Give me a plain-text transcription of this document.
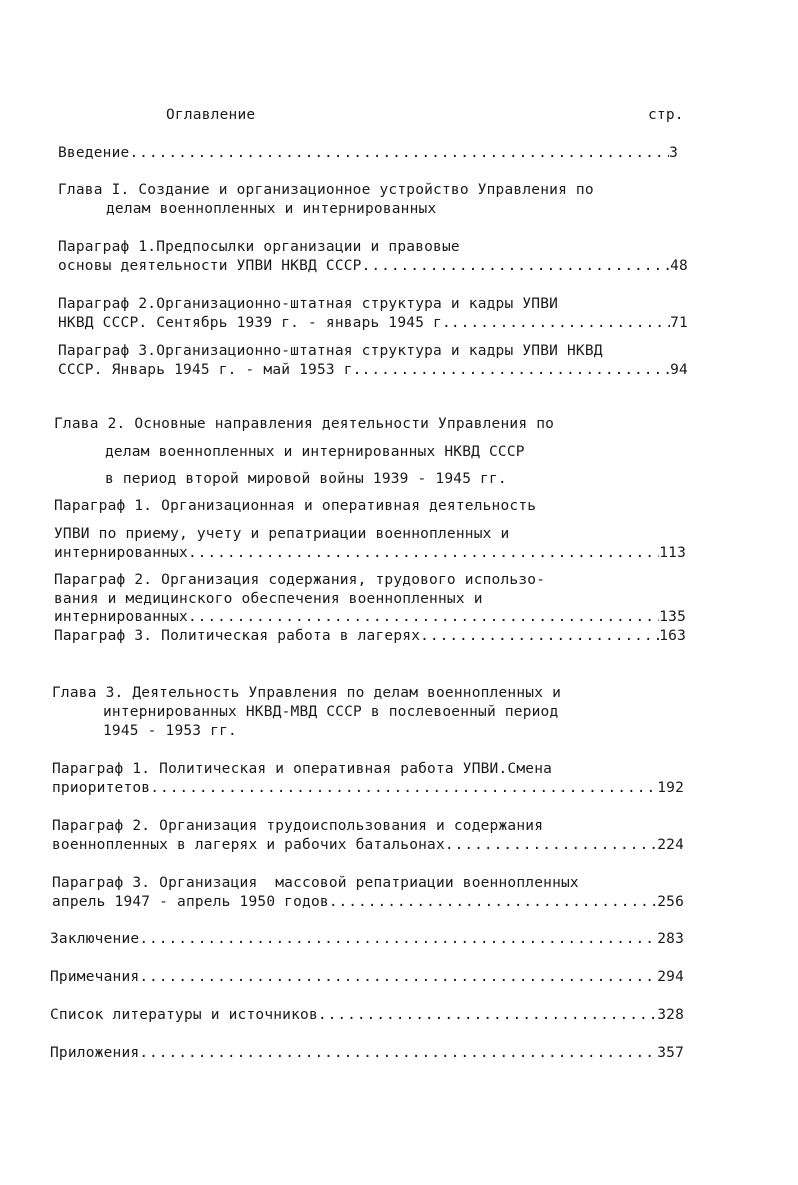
Оглавление	стр.
Введение .....	3
Глава I. Создание и организационное устройство Управления по
делам военнопленных и интернированных
Параграф 1.Предпосылки организации и правовые
основы деятельности УПВИ НКВД СССР .....	48
Параграф 2.Организационно-штатная структура и кадры УПВИ
НКВД СССР. Сентябрь 1939 г. - январь 1945 г. .....	71
Параграф 3.Организационно-штатная структура и кадры УПВИ НКВД
СССР. Январь 1945 г. - май 1953 г. .....	94
Глава 2. Основные направления деятельности Управления по
делам военнопленных и интернированных НКВД СССР
в период второй мировой войны 1939 - 1945 гг.
Параграф 1. Организационная и оперативная деятельность
УПВИ по приему, учету и репатриации военнопленных и
интернированных .....	113
Параграф 2. Организация содержания, трудового использо-
вания и медицинского обеспечения военнопленных и
интернированных .....	135
Параграф 3. Политическая работа в лагерях .....	163
Глава 3. Деятельность Управления по делам военнопленных и
интернированных НКВД-МВД СССР в послевоенный период
1945 - 1953 гг.
Параграф 1. Политическая и оперативная работа УПВИ.Смена
приоритетов .....	192
Параграф 2. Организация трудоиспользования и содержания
военнопленных в лагерях и рабочих батальонах .....	224
Параграф 3. Организация  массовой репатриации военнопленных
апрель 1947 - апрель 1950 годов .....	256
Заключение .....	283
Примечания .....	294
Список литературы и источников .....	328
Приложения .....	357
